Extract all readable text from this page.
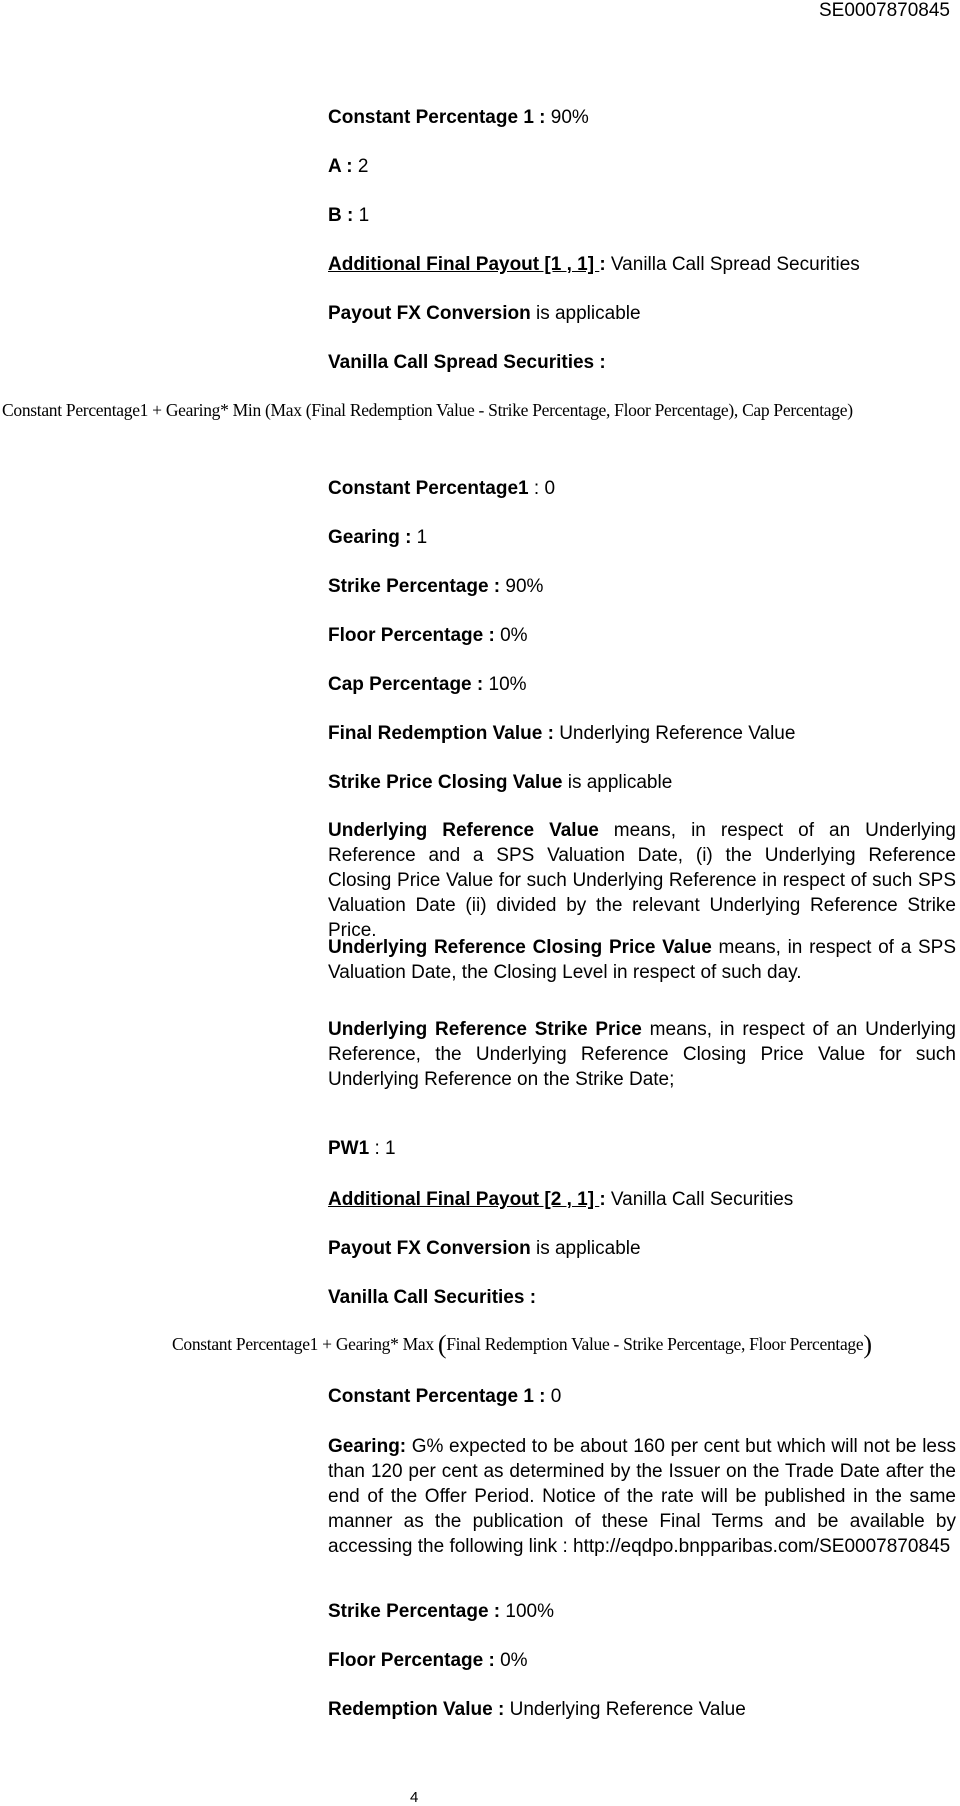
SE0007870845
Constant Percentage 1 : 90%
A : 2
B : 1
Additional Final Payout [1 , 1] : Vanilla Call Spread Securities
Payout FX Conversion is applicable
Vanilla Call Spread Securities :
Constant Percentage1 + Gearing* Min (Max (Final Redemption Value - Strike Percentage, Floor Percentage), Cap Percentage)
Constant Percentage1 : 0
Gearing : 1
Strike Percentage : 90%
Floor Percentage : 0%
Cap Percentage : 10%
Final Redemption Value : Underlying Reference Value
Strike Price Closing Value is applicable
Underlying Reference Value means, in respect of an Underlying Reference and a SPS Valuation Date, (i) the Underlying Reference Closing Price Value for such Underlying Reference in respect of such SPS Valuation Date (ii) divided by the relevant Underlying Reference Strike Price.
Underlying Reference Closing Price Value means, in respect of a SPS Valuation Date, the Closing Level in respect of such day.
Underlying Reference Strike Price means, in respect of an Underlying Reference, the Underlying Reference Closing Price Value for such Underlying Reference on the Strike Date;
PW1 : 1
Additional Final Payout [2 , 1] : Vanilla Call Securities
Payout FX Conversion is applicable
Vanilla Call Securities :
Constant Percentage1 + Gearing* Max (Final Redemption Value - Strike Percentage, Floor Percentage)
Constant Percentage 1 : 0
Gearing: G% expected to be about 160 per cent but which will not be less than 120 per cent as determined by the Issuer on the Trade Date after the end of the Offer Period. Notice of the rate will be published in the same manner as the publication of these Final Terms and be available by accessing the following link : http://eqdpo.bnpparibas.com/SE0007870845
Strike Percentage : 100%
Floor Percentage : 0%
Redemption Value : Underlying Reference Value
4
